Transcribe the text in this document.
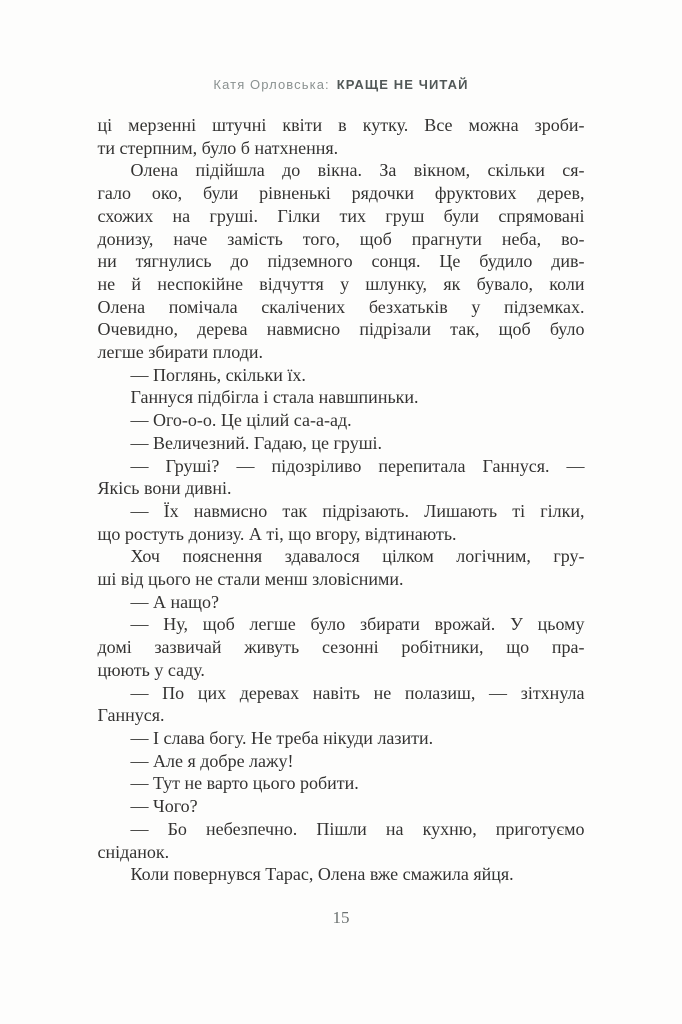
Катя Орловська: КРАЩЕ НЕ ЧИТАЙ
ці мерзенні штучні квіти в кутку. Все можна зроби-
ти стерпним, було б натхнення.
Олена підійшла до вікна. За вікном, скільки ся-
гало око, були рівненькі рядочки фруктових дерев,
схожих на груші. Гілки тих груш були спрямовані
донизу, наче замість того, щоб прагнути неба, во-
ни тягнулись до підземного сонця. Це будило див-
не й неспокійне відчуття у шлунку, як бувало, коли
Олена помічала скалічених безхатьків у підземках.
Очевидно, дерева навмисно підрізали так, щоб було
легше збирати плоди.
— Поглянь, скільки їх.
Ганнуся підбігла і стала навшпиньки.
— Ого-о-о. Це цілий са-а-ад.
— Величезний. Гадаю, це груші.
— Груші? — підозріливо перепитала Ганнуся. —
Якісь вони дивні.
— Їх навмисно так підрізають. Лишають ті гілки,
що ростуть донизу. А ті, що вгору, відтинають.
Хоч пояснення здавалося цілком логічним, гру-
ші від цього не стали менш зловісними.
— А нащо?
— Ну, щоб легше було збирати врожай. У цьому
домі зазвичай живуть сезонні робітники, що пра-
цюють у саду.
— По цих деревах навіть не полазиш, — зітхнула
Ганнуся.
— І слава богу. Не треба нікуди лазити.
— Але я добре лажу!
— Тут не варто цього робити.
— Чого?
— Бо небезпечно. Пішли на кухню, приготуємо
сніданок.
Коли повернувся Тарас, Олена вже смажила яйця.
15
